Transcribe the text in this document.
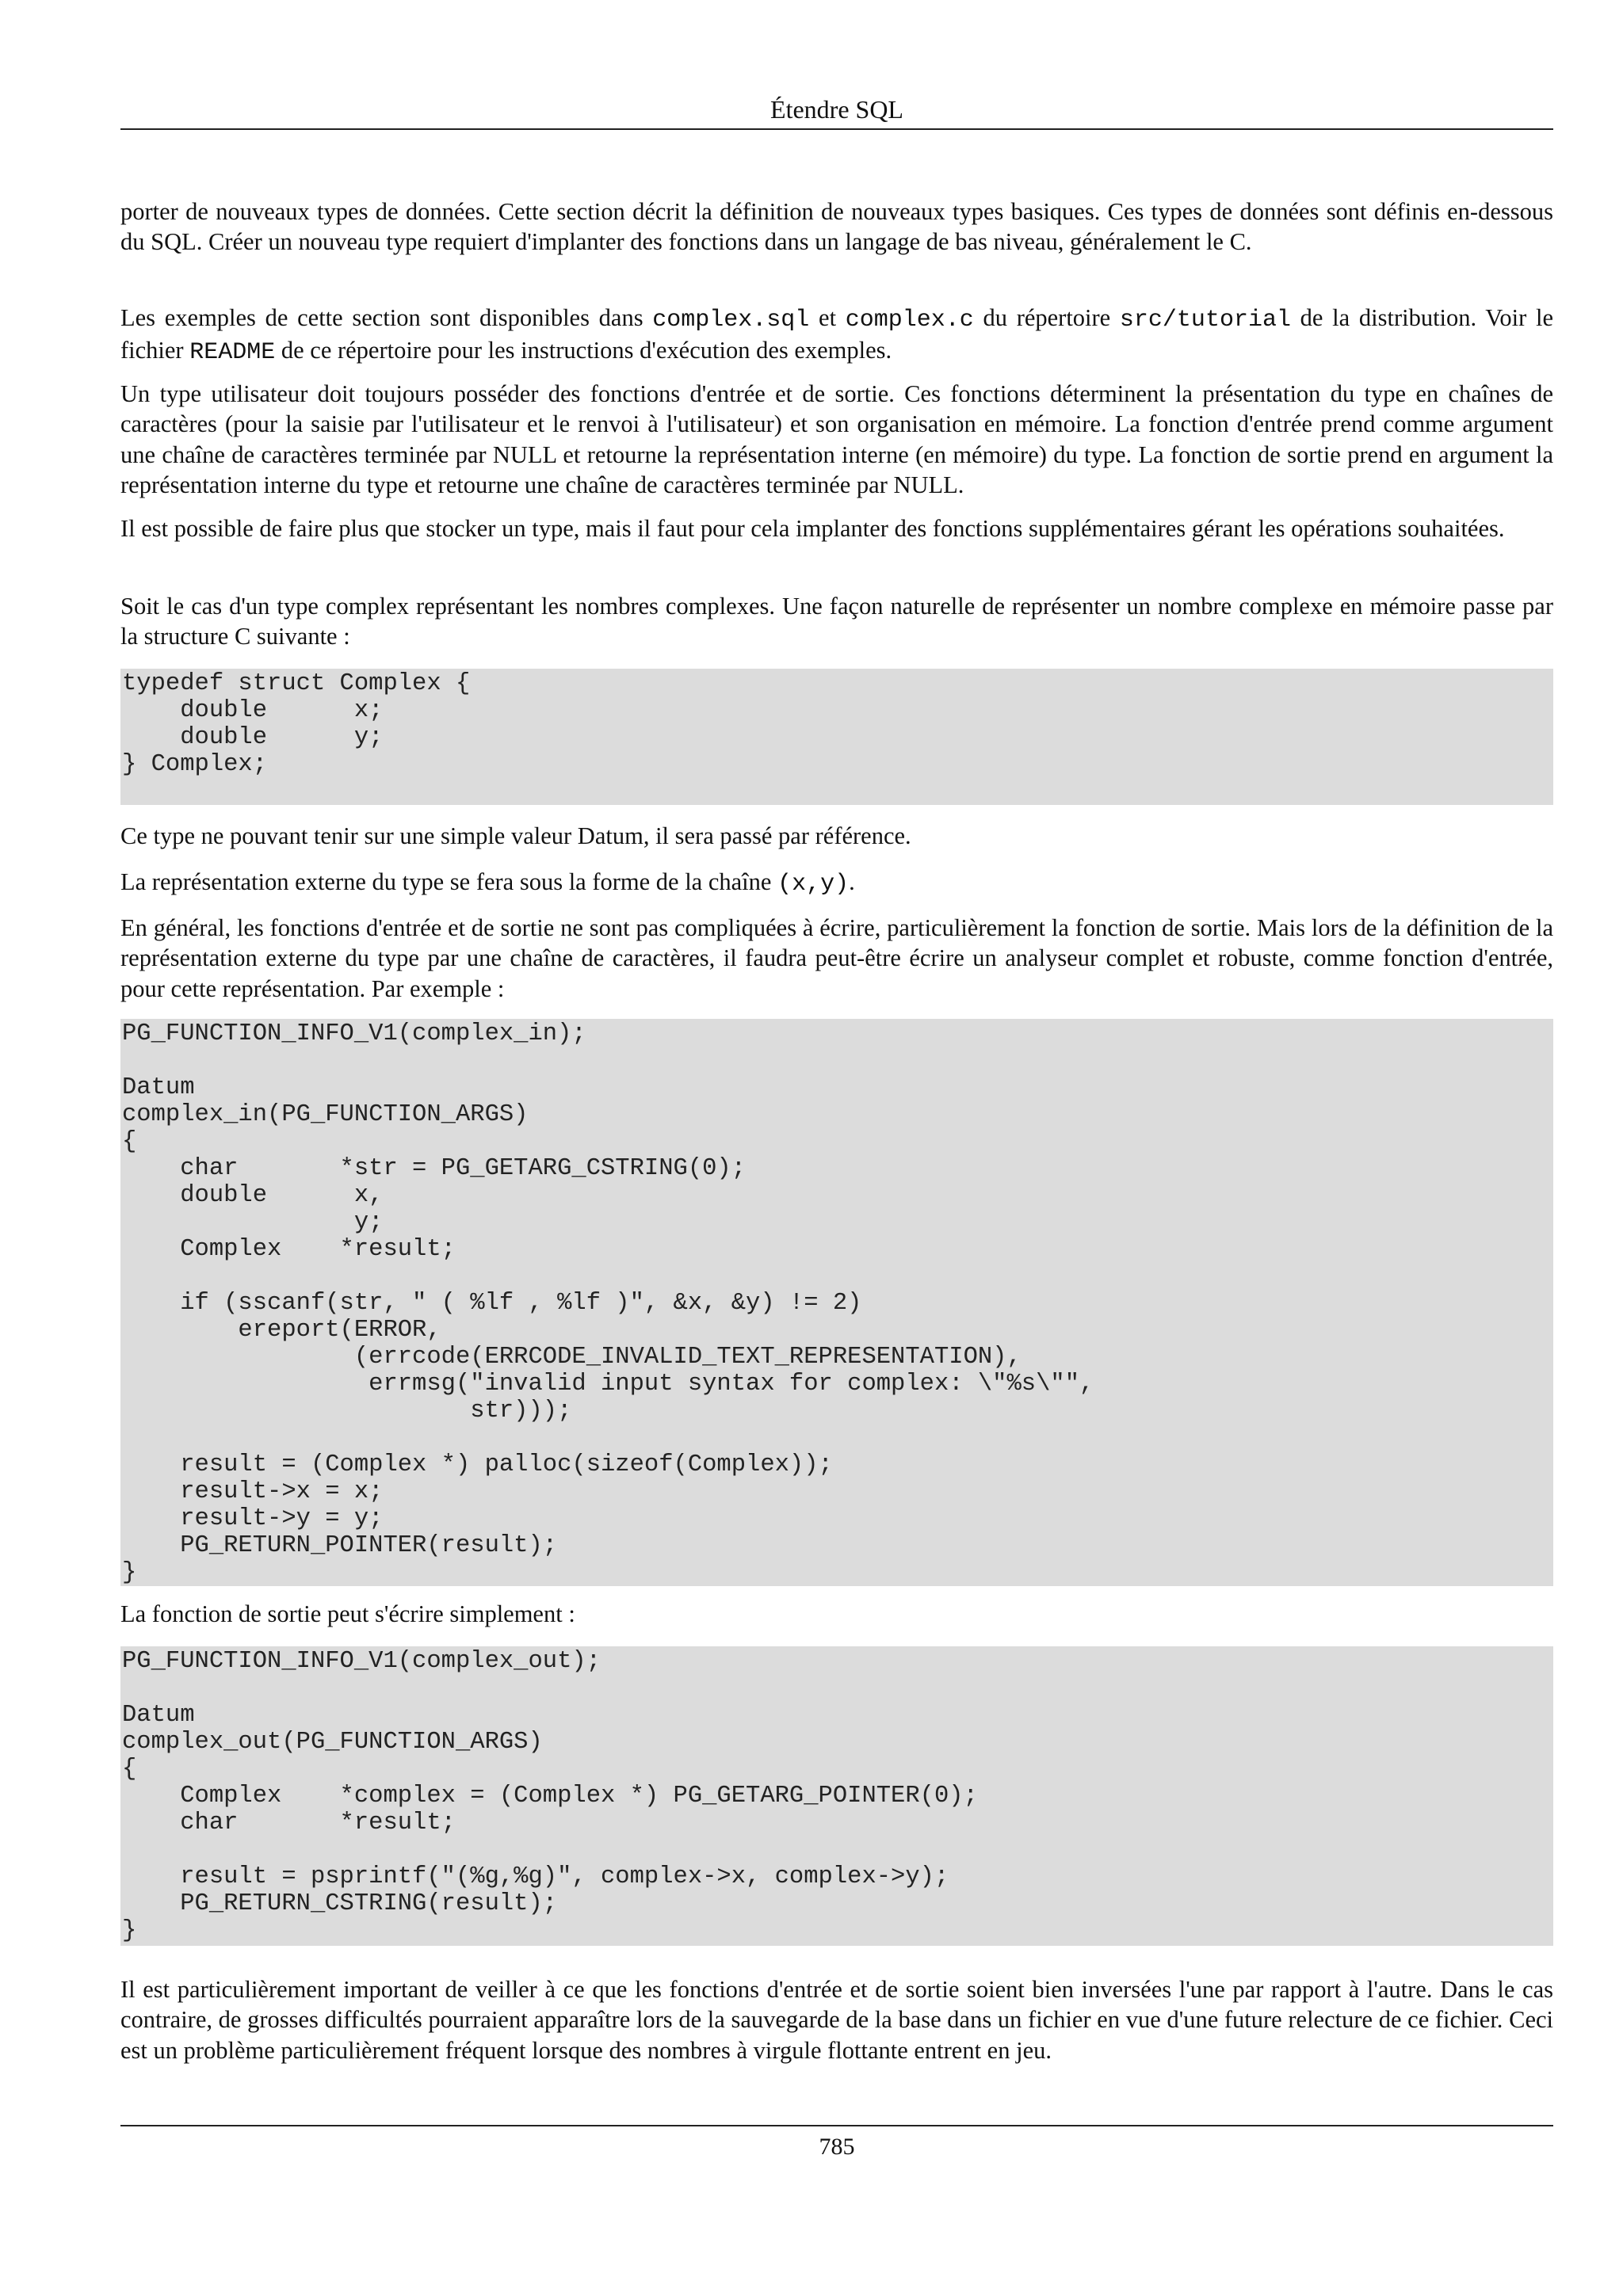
Étendre SQL

porter de nouveaux types de données. Cette section décrit la définition de nouveaux types basiques. Ces types de données sont définis en-dessous du SQL. Créer un nouveau type requiert d'implanter des fonctions dans un langage de bas niveau, généralement le C.

Les exemples de cette section sont disponibles dans complex.sql et complex.c du répertoire src/tutorial de la distribution. Voir le fichier README de ce répertoire pour les instructions d'exécution des exemples.

Un type utilisateur doit toujours posséder des fonctions d'entrée et de sortie. Ces fonctions déterminent la présentation du type en chaînes de caractères (pour la saisie par l'utilisateur et le renvoi à l'utilisateur) et son organisation en mémoire. La fonction d'entrée prend comme argument une chaîne de caractères terminée par NULL et retourne la représentation interne (en mémoire) du type. La fonction de sortie prend en argument la représentation interne du type et retourne une chaîne de caractères terminée par NULL.

Il est possible de faire plus que stocker un type, mais il faut pour cela implanter des fonctions supplémentaires gérant les opérations souhaitées.

Soit le cas d'un type complex représentant les nombres complexes. Une façon naturelle de représenter un nombre complexe en mémoire passe par la structure C suivante :

typedef struct Complex {
double      x;
double      y;
} Complex;

Ce type ne pouvant tenir sur une simple valeur Datum, il sera passé par référence.

La représentation externe du type se fera sous la forme de la chaîne (x,y).

En général, les fonctions d'entrée et de sortie ne sont pas compliquées à écrire, particulièrement la fonction de sortie. Mais lors de la définition de la représentation externe du type par une chaîne de caractères, il faudra peut-être écrire un analyseur complet et robuste, comme fonction d'entrée, pour cette représentation. Par exemple :

PG_FUNCTION_INFO_V1(complex_in);

Datum
complex_in(PG_FUNCTION_ARGS)
{
char       *str = PG_GETARG_CSTRING(0);
double      x,
y;
Complex    *result;

if (sscanf(str, " ( %lf , %lf )", &x, &y) != 2)
ereport(ERROR,
(errcode(ERRCODE_INVALID_TEXT_REPRESENTATION),
errmsg("invalid input syntax for complex: \"%s\"",
str)));

result = (Complex *) palloc(sizeof(Complex));
result->x = x;
result->y = y;
PG_RETURN_POINTER(result);
}

La fonction de sortie peut s'écrire simplement :

PG_FUNCTION_INFO_V1(complex_out);

Datum
complex_out(PG_FUNCTION_ARGS)
{
Complex    *complex = (Complex *) PG_GETARG_POINTER(0);
char       *result;

result = psprintf("(%g,%g)", complex->x, complex->y);
PG_RETURN_CSTRING(result);
}

Il est particulièrement important de veiller à ce que les fonctions d'entrée et de sortie soient bien inversées l'une par rapport à l'autre. Dans le cas contraire, de grosses difficultés pourraient apparaître lors de la sauvegarde de la base dans un fichier en vue d'une future relecture de ce fichier. Ceci est un problème particulièrement fréquent lorsque des nombres à virgule flottante entrent en jeu.

785
